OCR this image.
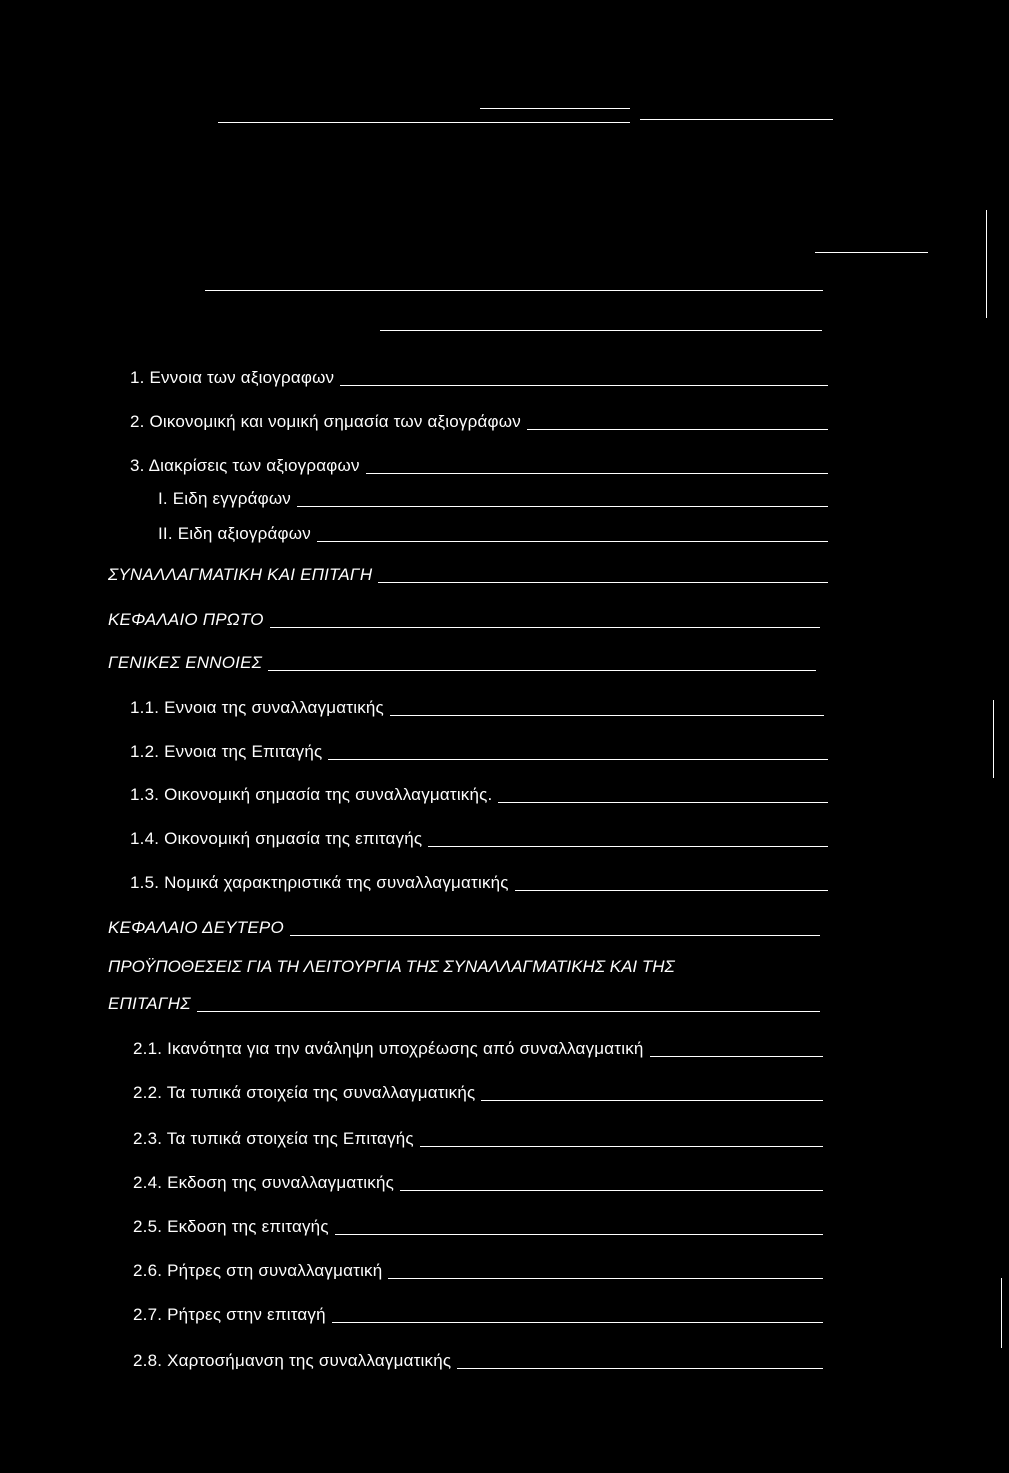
1. Εννοια των αξιογραφων
2. Οικονομική και νομική σημασία των αξιογράφων
3. Διακρίσεις των αξιογραφων
I. Ειδη εγγράφων
II. Ειδη αξιογράφων
ΣΥΝΑΛΛΑΓΜΑΤΙΚΗ ΚΑΙ ΕΠΙΤΑΓΗ
ΚΕΦΑΛΑΙΟ ΠΡΩΤΟ
ΓΕΝΙΚΕΣ ΕΝΝΟΙΕΣ
1.1. Εννοια της συναλλαγματικής
1.2. Εννοια της Επιταγής
1.3. Οικονομική σημασία της συναλλαγματικής.
1.4. Οικονομική σημασία της επιταγής
1.5. Νομικά χαρακτηριστικά της συναλλαγματικής
ΚΕΦΑΛΑΙΟ ΔΕΥΤΕΡΟ
ΠΡΟΫΠΟΘΕΣΕΙΣ ΓΙΑ ΤΗ ΛΕΙΤΟΥΡΓΙΑ ΤΗΣ ΣΥΝΑΛΛΑΓΜΑΤΙΚΗΣ ΚΑΙ ΤΗΣ
ΕΠΙΤΑΓΗΣ
2.1. Ικανότητα για την ανάληψη υποχρέωσης από συναλλαγματική
2.2. Τα τυπικά στοιχεία της συναλλαγματικής
2.3. Τα τυπικά στοιχεία της Επιταγής
2.4. Εκδοση της συναλλαγματικής
2.5. Εκδοση της επιταγής
2.6. Ρήτρες στη συναλλαγματική
2.7. Ρήτρες στην επιταγή
2.8. Χαρτοσήμανση της συναλλαγματικής
